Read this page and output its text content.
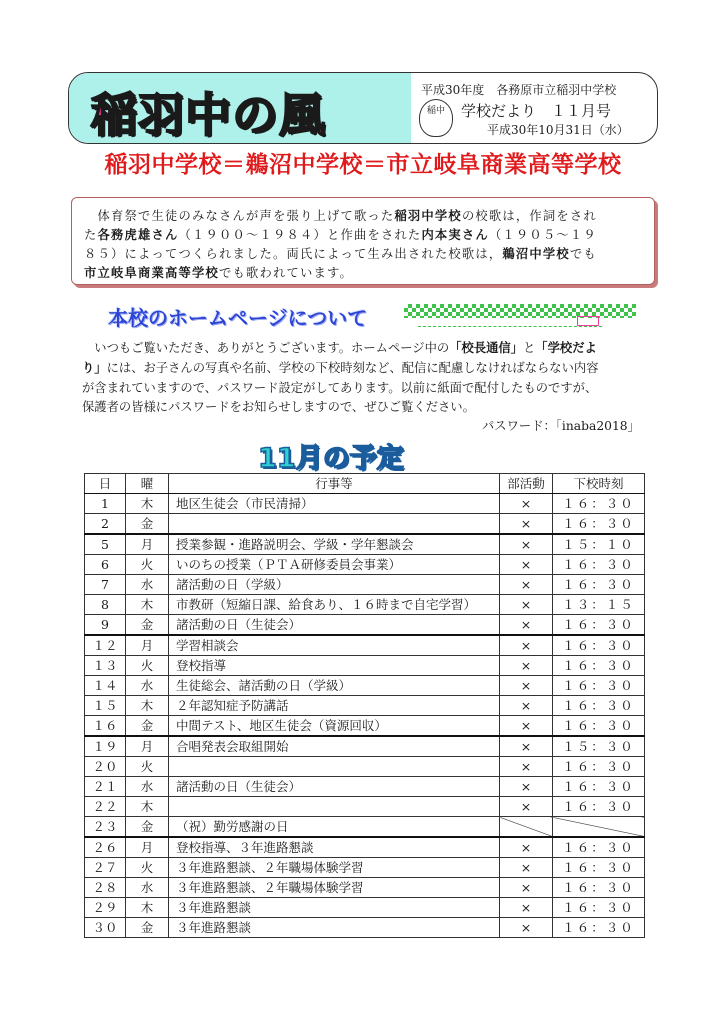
稲羽中の風	平成30年度　各務原市立稲羽中学校
稲中	学校だより　１１月号
平成30年10月31日（水）
稲羽中学校＝鵜沼中学校＝市立岐阜商業高等学校
　体育祭で生徒のみなさんが声を張り上げて歌った稲羽中学校の校歌は，作詞をされ
た各務虎雄さん（１９００～１９８４）と作曲をされた内本実さん（１９０５～１９
８５）によってつくられました。両氏によって生み出された校歌は，鵜沼中学校でも
市立岐阜商業高等学校でも歌われています。
本校のホームページについて
　いつもご覧いただき、ありがとうございます。ホームページ中の「校長通信」と「学校だよ
り」には、お子さんの写真や名前、学校の下校時刻など、配信に配慮しなければならない内容
が含まれていますので、パスワード設定がしてあります。以前に紙面で配付したものですが、
保護者の皆様にパスワードをお知らせしますので、ぜひご覧ください。
パスワード：「inaba2018」
11月の予定
日	曜	行事等	部活動	下校時刻
1	木	地区生徒会（市民清掃）	×	１６：３０
2	金		×	１６：３０
5	月	授業参観・進路説明会、学級・学年懇談会	×	１５：１０
6	火	いのちの授業（ＰＴＡ研修委員会事業）	×	１６：３０
7	水	諸活動の日（学級）	×	１６：３０
8	木	市教研（短縮日課、給食あり、１６時まで自宅学習）	×	１３：１５
9	金	諸活動の日（生徒会）	×	１６：３０
１２	月	学習相談会	×	１６：３０
１３	火	登校指導	×	１６：３０
１４	水	生徒総会、諸活動の日（学級）	×	１６：３０
１５	木	２年認知症予防講話	×	１６：３０
１６	金	中間テスト、地区生徒会（資源回収）	×	１６：３０
１９	月	合唱発表会取組開始	×	１５：３０
２０	火		×	１６：３０
２１	水	諸活動の日（生徒会）	×	１６：３０
２２	木		×	１６：３０
２３	金	（祝）勤労感謝の日		
２６	月	登校指導、３年進路懇談	×	１６：３０
２７	火	３年進路懇談、２年職場体験学習	×	１６：３０
２８	水	３年進路懇談、２年職場体験学習	×	１６：３０
２９	木	３年進路懇談	×	１６：３０
３０	金	３年進路懇談	×	１６：３０
